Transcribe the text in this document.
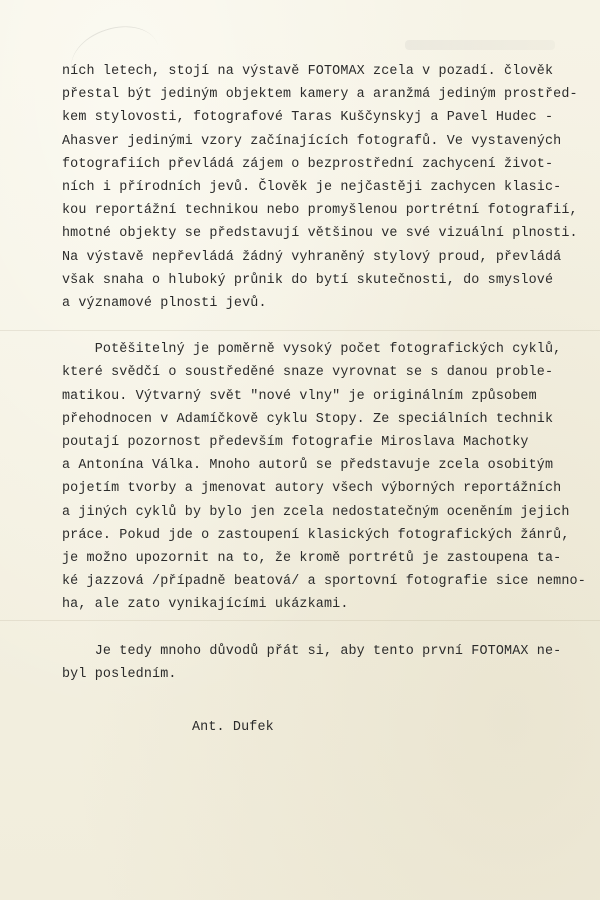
ních letech, stojí na výstavě FOTOMAX zcela v pozadí. člověk
přestal být jediným objektem kamery a aranžmá jediným prostřed-
kem stylovosti, fotografové Taras Kuščynskyj a Pavel Hudec -
Ahasver jedinými vzory začínajících fotografů. Ve vystavených
fotografiích převládá zájem o bezprostřední zachycení život-
ních i přírodních jevů. Člověk je nejčastěji zachycen klasic-
kou reportážní technikou nebo promyšlenou portrétní fotografií,
hmotné objekty se představují většinou ve své vizuální plnosti.
Na výstavě nepřevládá žádný vyhraněný stylový proud, převládá
však snaha o hluboký průnik do bytí skutečnosti, do smyslové
a významové plnosti jevů.
Potěšitelný je poměrně vysoký počet fotografických cyklů,
které svědčí o soustředěné snaze vyrovnat se s danou proble-
matikou. Výtvarný svět "nové vlny" je originálním způsobem
přehodnocen v Adamíčkově cyklu Stopy. Ze speciálních technik
poutají pozornost především fotografie Miroslava Machotky
a Antonína Válka. Mnoho autorů se představuje zcela osobitým
pojetím tvorby a jmenovat autory všech výborných reportážních
a jiných cyklů by bylo jen zcela nedostatečným oceněním jejich
práce. Pokud jde o zastoupení klasických fotografických žánrů,
je možno upozornit na to, že kromě portrétů je zastoupena ta-
ké jazzová /případně beatová/ a sportovní fotografie sice nemno-
ha, ale zato vynikajícími ukázkami.
Je tedy mnoho důvodů přát si, aby tento první FOTOMAX ne-
byl posledním.
Ant. Dufek
